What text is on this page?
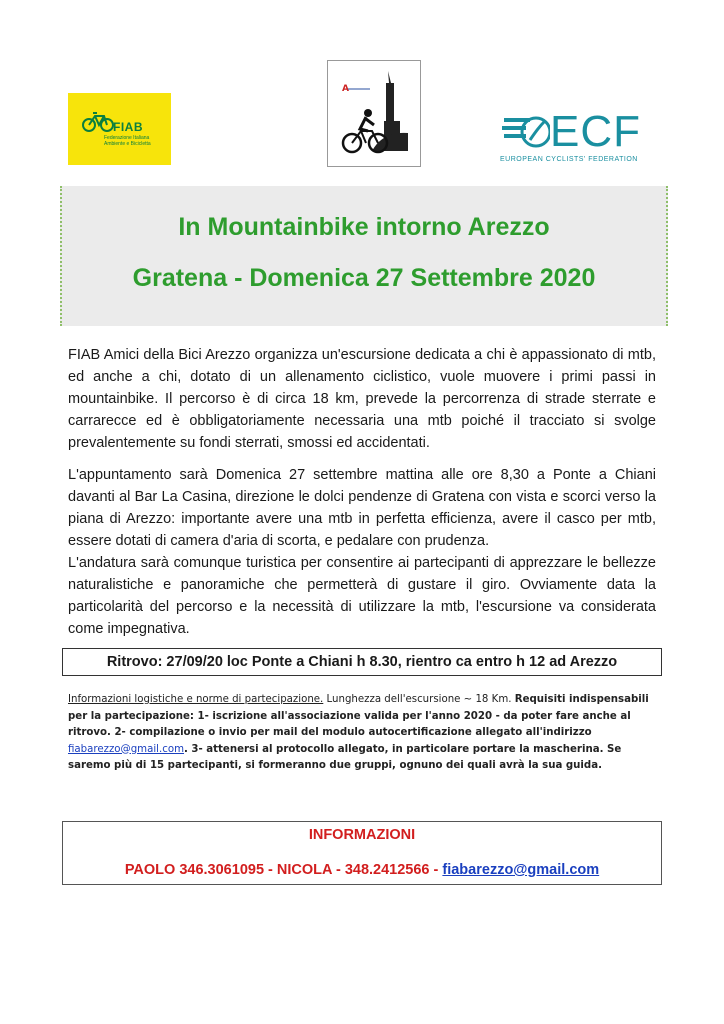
FIAB
Federazione Italiana Ambiente e Bicicletta
A
ECF
EUROPEAN CYCLISTS' FEDERATION
In Mountainbike intorno Arezzo
Gratena - Domenica 27 Settembre 2020
FIAB Amici della Bici Arezzo organizza un'escursione dedicata a chi è appassionato di mtb, ed anche a chi, dotato di un allenamento ciclistico, vuole muovere i primi passi in mountainbike. Il percorso è di circa 18 km, prevede la percorrenza di strade sterrate e carrarecce ed è obbligatoriamente necessaria una mtb poiché il tracciato si svolge prevalentemente su fondi sterrati, smossi ed accidentati.
L'appuntamento sarà Domenica 27 settembre mattina alle ore 8,30 a Ponte a Chiani davanti al Bar La Casina, direzione le dolci pendenze di Gratena con vista e scorci verso la piana di Arezzo: importante avere una mtb in perfetta efficienza, avere il casco per mtb, essere dotati di camera d'aria di scorta, e pedalare con prudenza.
L'andatura sarà comunque turistica per consentire ai partecipanti di apprezzare le bellezze naturalistiche e panoramiche che permetterà di gustare il giro. Ovviamente data la particolarità del percorso e la necessità di utilizzare la mtb, l'escursione va considerata come impegnativa.
Ritrovo: 27/09/20 loc Ponte a Chiani h 8.30, rientro ca entro h 12 ad Arezzo
Informazioni logistiche e norme di partecipazione. Lunghezza dell'escursione ~ 18 Km. Requisiti indispensabili per la partecipazione: 1- iscrizione all'associazione valida per l'anno 2020 - da poter fare anche al ritrovo. 2- compilazione o invio per mail del modulo autocertificazione allegato all'indirizzo fiabarezzo@gmail.com. 3- attenersi al protocollo allegato, in particolare portare la mascherina. Se saremo più di 15 partecipanti, si formeranno due gruppi, ognuno dei quali avrà la sua guida.
INFORMAZIONI
PAOLO 346.3061095 - NICOLA - 348.2412566 - fiabarezzo@gmail.com
